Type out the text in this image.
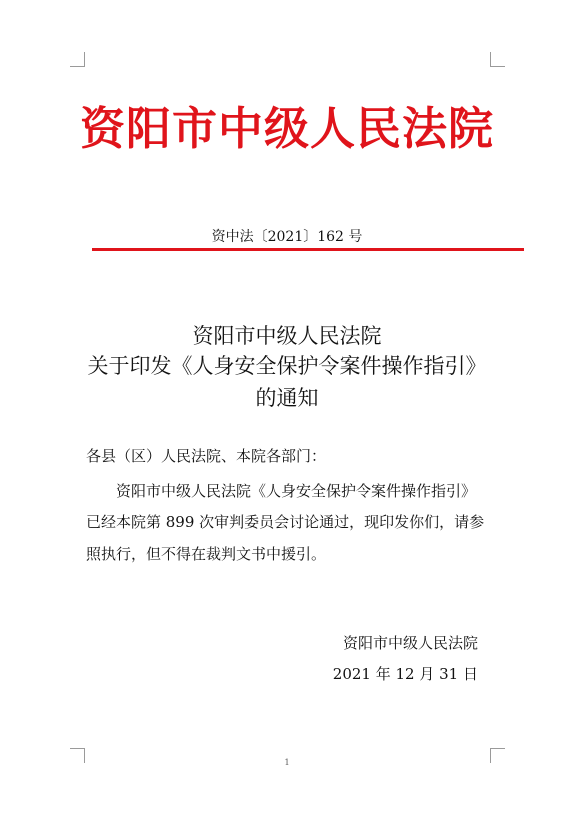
资阳市中级人民法院
资中法〔2021〕162 号
资阳市中级人民法院
关于印发《人身安全保护令案件操作指引》
的通知
各县（区）人民法院、本院各部门：
资阳市中级人民法院《人身安全保护令案件操作指引》
已经本院第 899 次审判委员会讨论通过，现印发你们，请参
照执行，但不得在裁判文书中援引。
资阳市中级人民法院
2021 年 12 月 31 日
1
